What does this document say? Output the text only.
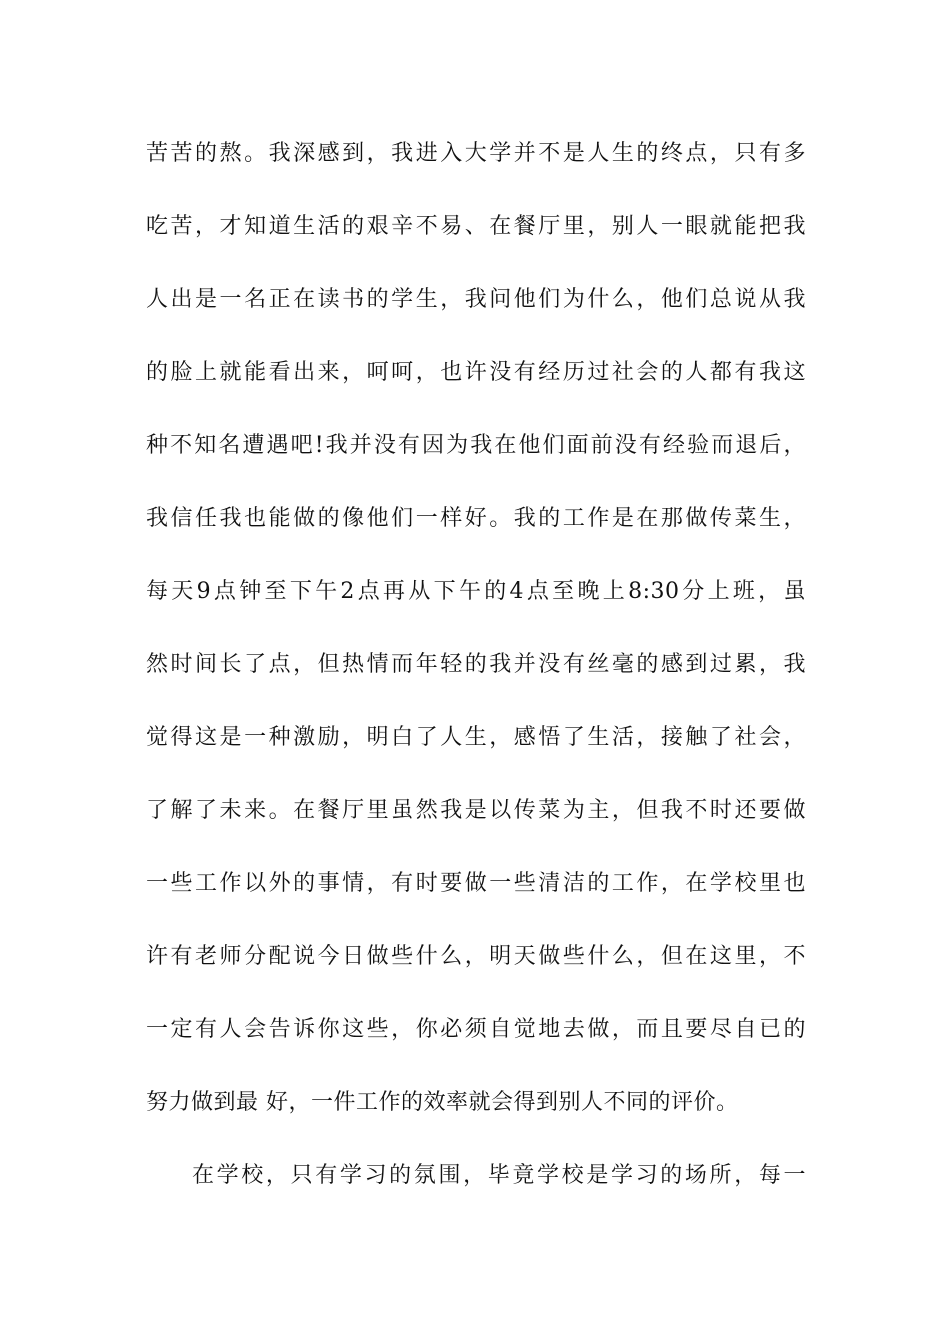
苦苦的熬。我深感到，我进入大学并不是人生的终点，只有多
吃苦，才知道生活的艰辛不易、在餐厅里，别人一眼就能把我
人出是一名正在读书的学生，我问他们为什么，他们总说从我
的脸上就能看出来，呵呵，也许没有经历过社会的人都有我这
种不知名遭遇吧!我并没有因为我在他们面前没有经验而退后，
我信任我也能做的像他们一样好。我的工作是在那做传菜生，
每天9点钟至下午2点再从下午的4点至晚上8:30分上班，虽
然时间长了点，但热情而年轻的我并没有丝毫的感到过累，我
觉得这是一种激励，明白了人生，感悟了生活，接触了社会，
了解了未来。在餐厅里虽然我是以传菜为主，但我不时还要做
一些工作以外的事情，有时要做一些清洁的工作，在学校里也
许有老师分配说今日做些什么，明天做些什么，但在这里，不
一定有人会告诉你这些，你必须自觉地去做，而且要尽自已的
努力做到最 好，一件工作的效率就会得到别人不同的评价。
在学校，只有学习的氛围，毕竟学校是学习的场所，每一
